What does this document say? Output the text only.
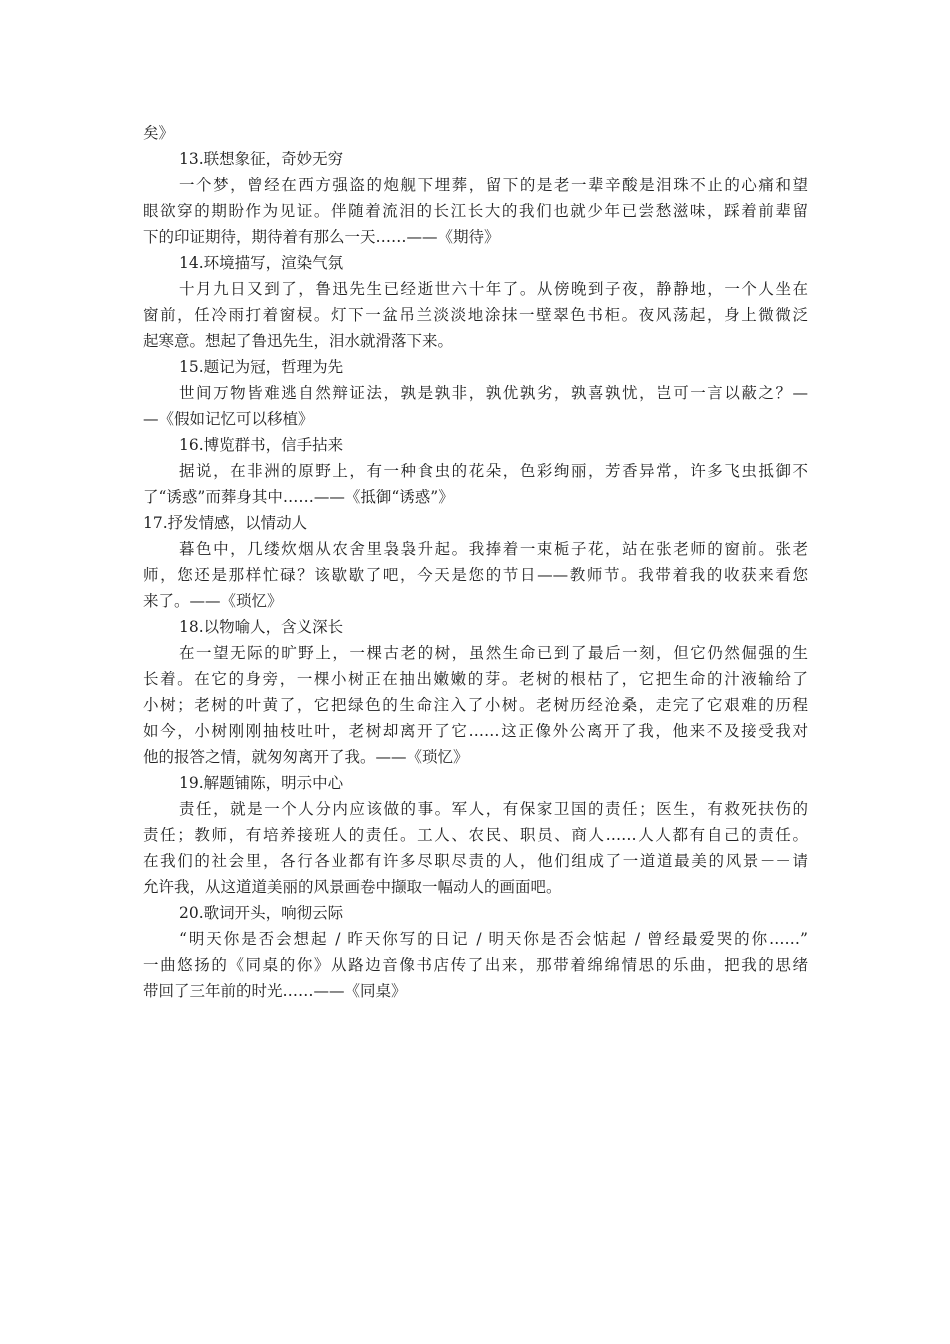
矣》
13.联想象征，奇妙无穷
一个梦，曾经在西方强盗的炮舰下埋葬，留下的是老一辈辛酸是泪珠不止的心痛和望
眼欲穿的期盼作为见证。伴随着流泪的长江长大的我们也就少年已尝愁滋味，踩着前辈留
下的印证期待，期待着有那么一天……——《期待》
14.环境描写，渲染气氛
十月九日又到了，鲁迅先生已经逝世六十年了。从傍晚到子夜，静静地，一个人坐在
窗前，任冷雨打着窗棂。灯下一盆吊兰淡淡地涂抹一壁翠色书柜。夜风荡起，身上微微泛
起寒意。想起了鲁迅先生，泪水就滑落下来。
15.题记为冠，哲理为先
世间万物皆难逃自然辩证法，孰是孰非，孰优孰劣，孰喜孰忧，岂可一言以蔽之？—
—《假如记忆可以移植》
16.博览群书，信手拈来
据说，在非洲的原野上，有一种食虫的花朵，色彩绚丽，芳香异常，许多飞虫抵御不
了“诱惑”而葬身其中……——《抵御“诱惑”》
17.抒发情感，以情动人
暮色中，几缕炊烟从农舍里袅袅升起。我捧着一束栀子花，站在张老师的窗前。张老
师，您还是那样忙碌？该歇歇了吧，今天是您的节日——教师节。我带着我的收获来看您
来了。——《琐忆》
18.以物喻人，含义深长
在一望无际的旷野上，一棵古老的树，虽然生命已到了最后一刻，但它仍然倔强的生
长着。在它的身旁，一棵小树正在抽出嫩嫩的芽。老树的根枯了，它把生命的汁液输给了
小树；老树的叶黄了，它把绿色的生命注入了小树。老树历经沧桑，走完了它艰难的历程
如今，小树刚刚抽枝吐叶，老树却离开了它……这正像外公离开了我，他来不及接受我对
他的报答之情，就匆匆离开了我。——《琐忆》
19.解题铺陈，明示中心
责任，就是一个人分内应该做的事。军人，有保家卫国的责任；医生，有救死扶伤的
责任；教师，有培养接班人的责任。工人、农民、职员、商人……人人都有自己的责任。
在我们的社会里，各行各业都有许多尽职尽责的人，他们组成了一道道最美的风景－－请
允许我，从这道道美丽的风景画卷中撷取一幅动人的画面吧。
20.歌词开头，响彻云际
“明天你是否会想起 / 昨天你写的日记 / 明天你是否会惦起 / 曾经最爱哭的你……”
一曲悠扬的《同桌的你》从路边音像书店传了出来，那带着绵绵情思的乐曲，把我的思绪
带回了三年前的时光……——《同桌》
